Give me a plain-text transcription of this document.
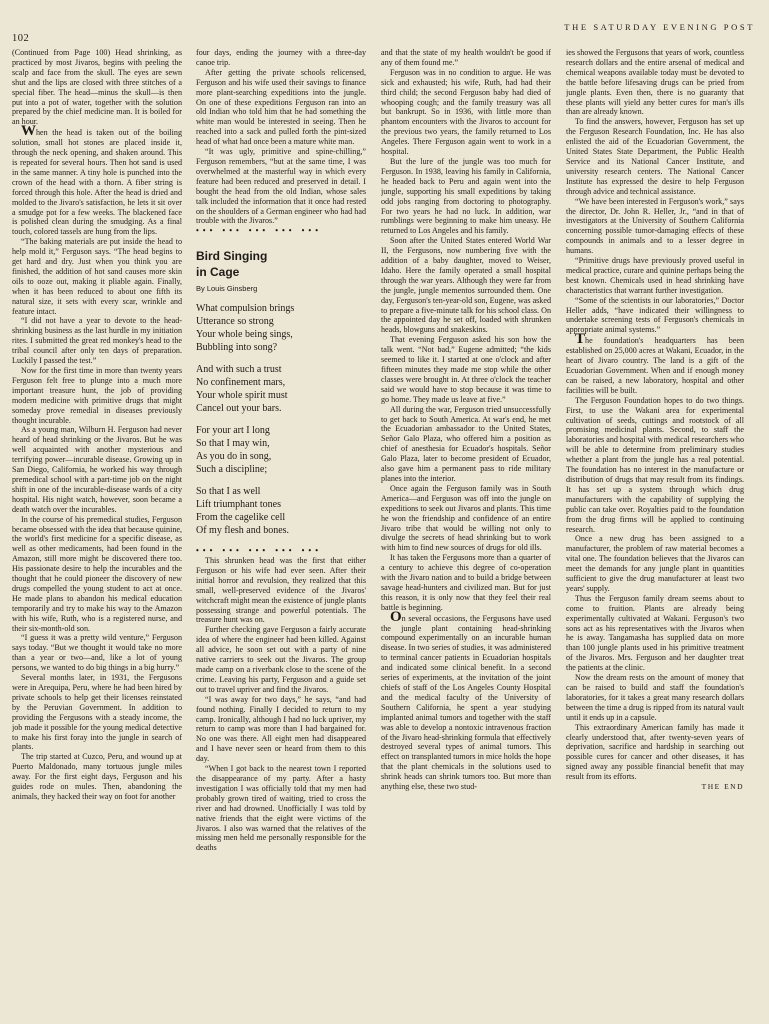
102
THE SATURDAY EVENING POST

(Continued from Page 100) Head shrinking, as practiced by most Jivaros, begins with peeling the scalp and face from the skull. The eyes are sewn shut and the lips are closed with three stitches of a special fiber. The head—minus the skull—is then put into a pot of water, together with the solution prepared by the chief medicine man. It is boiled for an hour.

When the head is taken out of the boiling solution, small hot stones are placed inside it, through the neck opening, and shaken around. This is repeated for several hours. Then hot sand is used in the same manner. A tiny hole is punched into the crown of the head with a thorn. A fiber string is forced through this hole. After the head is dried and molded to the Jivaro's satisfaction, he lets it sit over a smudge pot for a few weeks. The blackened face is polished clean during the smudging. As a final touch, colored tassels are hung from the lips.

“The baking materials are put inside the head to help mold it,” Ferguson says. “The head begins to get hard and dry. Just when you think you are finished, the addition of hot sand causes more skin oils to ooze out, making it pliable again. Finally, when it has been reduced to about one fifth its natural size, it sets with every scar, wrinkle and feature intact.

“I did not have a year to devote to the head-shrinking business as the last hurdle in my initiation rites. I submitted the great red monkey's head to the tribal council after only ten days of preparation. Luckily I passed the test.”

Now for the first time in more than twenty years Ferguson felt free to plunge into a much more important treasure hunt, the job of providing modern medicine with primitive drugs that might someday prove remedial in diseases previously thought incurable.

As a young man, Wilburn H. Ferguson had never heard of head shrinking or the Jivaros. But he was well acquainted with another mysterious and terrifying power—incurable disease. Growing up in San Diego, California, he worked his way through premedical school with a part-time job on the night shift in one of the incurable-disease wards of a city hospital. His night watch, however, soon became a death watch over the incurables.

In the course of his premedical studies, Ferguson became obsessed with the idea that because quinine, the world's first medicine for a specific disease, as well as other medicaments, had been found in the Amazon, still more might be discovered there too. His passionate desire to help the incurables and the thought that he could pioneer the discovery of new drugs compelled the young student to act at once. He made plans to abandon his medical education temporarily and try to make his way to the Amazon with his wife, Ruth, who is a registered nurse, and their six-month-old son.

“I guess it was a pretty wild venture,” Ferguson says today. “But we thought it would take no more than a year or two—and, like a lot of young persons, we wanted to do big things in a big hurry.”

Several months later, in 1931, the Fergusons were in Arequipa, Peru, where he had been hired by private schools to help get their licenses reinstated by the Peruvian Government. In addition to providing the Fergusons with a steady income, the job made it possible for the young medical detective to make his first foray into the jungle in search of plants.

The trip started at Cuzco, Peru, and wound up at Puerto Maldonado, many tortuous jungle miles away. For the first eight days, Ferguson and his guides rode on mules. Then, abandoning the animals, they hacked their way on foot for another

four days, ending the journey with a three-day canoe trip.

After getting the private schools relicensed, Ferguson and his wife used their savings to finance more plant-searching expeditions into the jungle. On one of these expeditions Ferguson ran into an old Indian who told him that he had something the white man would be interested in seeing. Then he reached into a sack and pulled forth the pint-sized head of what had once been a mature white man.

“It was ugly, primitive and spine-chilling,” Ferguson remembers, “but at the same time, I was overwhelmed at the masterful way in which every feature had been reduced and preserved in detail. I bought the head from the old Indian, whose sales talk included the information that it once had rested on the shoulders of a German engineer who had had trouble with the Jivaros.”

••• ••• ••• ••• •••

Bird Singing
in Cage
By Louis Ginsberg
What compulsion brings
Utterance so strong
Your whole being sings,
Bubbling into song?
And with such a trust
No confinement mars,
Your whole spirit must
Cancel out your bars.
For your art I long
So that I may win,
As you do in song,
Such a discipline;
So that I as well
Lift triumphant tones
From the cagelike cell
Of my flesh and bones.

••• ••• ••• ••• •••

This shrunken head was the first that either Ferguson or his wife had ever seen. After their initial horror and revulsion, they realized that this small, well-preserved evidence of the Jivaros' witchcraft might mean the existence of jungle plants possessing strange and powerful potentials. The treasure hunt was on.

Further checking gave Ferguson a fairly accurate idea of where the engineer had been killed. Against all advice, he soon set out with a party of nine native carriers to seek out the Jivaros. The group made camp on a riverbank close to the scene of the crime. Leaving his party, Ferguson and a guide set out to travel upriver and find the Jivaros.

“I was away for two days,” he says, “and had found nothing. Finally I decided to return to my camp. Ironically, although I had no luck upriver, my return to camp was more than I had bargained for. No one was there. All eight men had disappeared and I have never seen or heard from them to this day.

“When I got back to the nearest town I reported the disappearance of my party. After a hasty investigation I was officially told that my men had probably grown tired of waiting, tried to cross the river and had drowned. Unofficially I was told by native friends that the eight were victims of the Jivaros. I also was warned that the relatives of the missing men held me personally responsible for the deaths

and that the state of my health wouldn't be good if any of them found me.”

Ferguson was in no condition to argue. He was sick and exhausted; his wife, Ruth, had had their third child; the second Ferguson baby had died of whooping cough; and the family treasury was all but bankrupt. So in 1936, with little more than phantom encounters with the Jivaros to account for the previous two years, the family returned to Los Angeles. There Ferguson again went to work in a hospital.

But the lure of the jungle was too much for Ferguson. In 1938, leaving his family in California, he headed back to Peru and again went into the jungle, supporting his small expeditions by taking odd jobs ranging from doctoring to photography. For two years he had no luck. In addition, war rumblings were beginning to make him uneasy. He returned to Los Angeles and his family.

Soon after the United States entered World War II, the Fergusons, now numbering five with the addition of a baby daughter, moved to Weiser, Idaho. Here the family operated a small hospital through the war years. Although they were far from the jungle, jungle mementos surrounded them. One day, Ferguson's ten-year-old son, Eugene, was asked to prepare a five-minute talk for his school class. On the appointed day he set off, loaded with shrunken heads, blowguns and snakeskins.

That evening Ferguson asked his son how the talk went. “Not bad,” Eugene admitted; “the kids seemed to like it. I started at one o'clock and after fifteen minutes they made me stop while the other classes were brought in. At three o'clock the teacher said we would have to stop because it was time to go home. They made us leave at five.”

All during the war, Ferguson tried unsuccessfully to get back to South America. At war's end, he met the Ecuadorian ambassador to the United States, Señor Galo Plaza, who offered him a position as chief of anesthesia for Ecuador's hospitals. Señor Galo Plaza, later to become president of Ecuador, also gave him a permanent pass to ride military planes into the interior.

Once again the Ferguson family was in South America—and Ferguson was off into the jungle on expeditions to seek out Jivaros and plants. This time he won the friendship and confidence of an entire Jivaro tribe that would be willing not only to divulge the secrets of head shrinking but to work with him to find new sources of drugs for old ills.

It has taken the Fergusons more than a quarter of a century to achieve this degree of co-operation with the Jivaro nation and to build a bridge between savage head-hunters and civilized man. But for just this reason, it is only now that they feel their real battle is beginning.

On several occasions, the Fergusons have used the jungle plant containing head-shrinking compound experimentally on an incurable human disease. In two series of studies, it was administered to terminal cancer patients in Ecuadorian hospitals and indicated some clinical benefit. In a second series of experiments, at the invitation of the joint chiefs of staff of the Los Angeles County Hospital and the medical faculty of the University of Southern California, he spent a year studying implanted animal tumors and together with the staff was able to develop a nontoxic intravenous fraction of the Jivaro head-shrinking formula that effectively destroyed several types of animal tumors. This effect on transplanted tumors in mice holds the hope that the plant chemicals in the solutions used to shrink heads can shrink tumors too. But more than anything else, these two stud-

ies showed the Fergusons that years of work, countless research dollars and the entire arsenal of medical and chemical weapons available today must be devoted to the battle before lifesaving drugs can be pried from jungle plants. Even then, there is no guaranty that these plants will yield any better cures for man's ills than are already known.

To find the answers, however, Ferguson has set up the Ferguson Research Foundation, Inc. He has also enlisted the aid of the Ecuadorian Government, the United States State Department, the Public Health Service and its National Cancer Institute, and university research centers. The National Cancer Institute has expressed the desire to help Ferguson through advice and technical assistance.

“We have been interested in Ferguson's work,” says the director, Dr. John R. Heller, Jr., “and in that of investigators at the University of Southern California concerning possible tumor-damaging effects of these compounds in animals and to a lesser degree in humans.

“Primitive drugs have previously proved useful in medical practice, curare and quinine perhaps being the best known. Chemicals used in head shrinking have characteristics that warrant further investigation.

“Some of the scientists in our laboratories,” Doctor Heller adds, “have indicated their willingness to undertake screening tests of Ferguson's chemicals in appropriate animal systems.”

The foundation's headquarters has been established on 25,000 acres at Wakani, Ecuador, in the heart of Jivaro country. The land is a gift of the Ecuadorian Government. When and if enough money can be raised, a new laboratory, hospital and other facilities will be built.

The Ferguson Foundation hopes to do two things. First, to use the Wakani area for experimental cultivation of seeds, cuttings and rootstock of all promising medicinal plants. Second, to staff the laboratories and hospital with medical researchers who will be able to determine from preliminary studies whether a plant from the jungle has a real potential. The foundation has no interest in the manufacture or distribution of drugs that may result from its findings. It has set up a system through which drug manufacturers with the capability of supplying the public can take over. Royalties paid to the foundation from the drug firms will be applied to continuing research.

Once a new drug has been assigned to a manufacturer, the problem of raw material becomes a vital one. The foundation believes that the Jivaros can meet the demands for any jungle plant in quantities sufficient to give the drug manufacturer at least two years' supply.

Thus the Ferguson family dream seems about to come to fruition. Plants are already being experimentally cultivated at Wakani. Ferguson's two sons act as his representatives with the Jivaros when he is away. Tangamasha has supplied data on more than 100 jungle plants used in his primitive treatment of the Jivaros. Mrs. Ferguson and her daughter treat the patients at the clinic.

Now the dream rests on the amount of money that can be raised to build and staff the foundation's laboratories, for it takes a great many research dollars between the time a drug is ripped from its natural vault until it ends up in a capsule.

This extraordinary American family has made it clearly understood that, after twenty-seven years of deprivation, sacrifice and hardship in searching out possible cures for cancer and other diseases, it has signed away any possible financial benefit that may result from its efforts.

THE END
